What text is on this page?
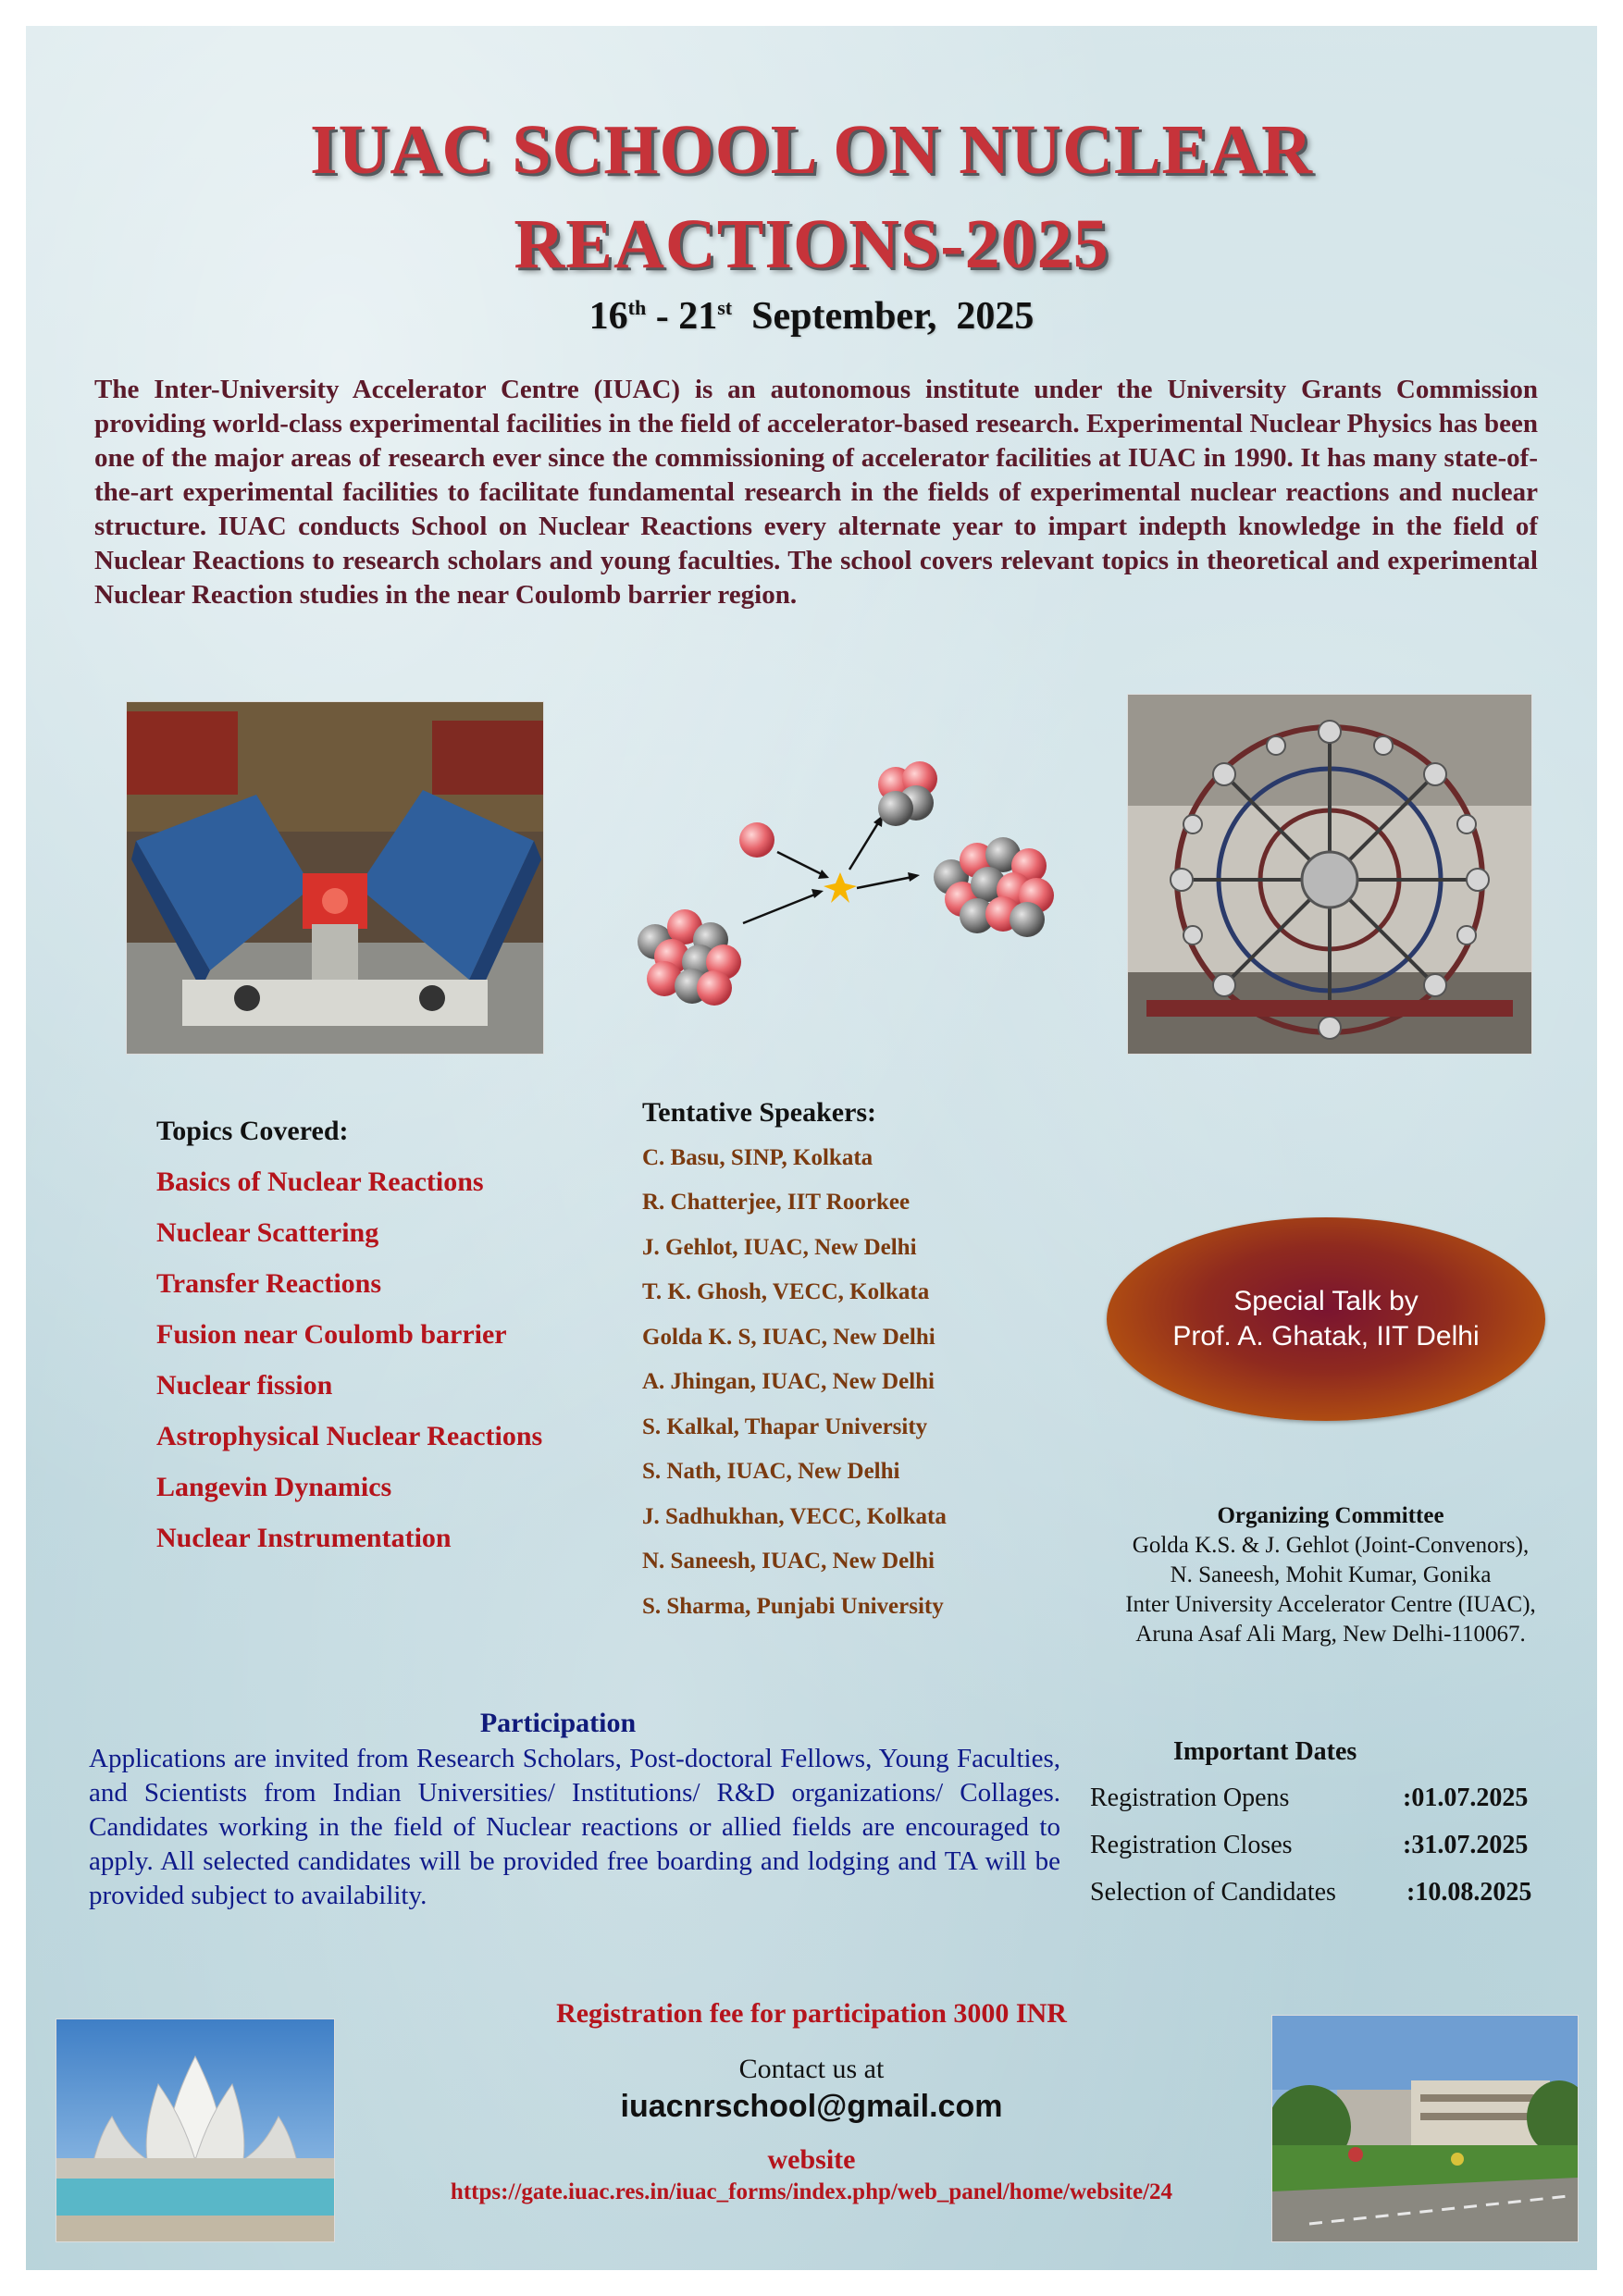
IUAC SCHOOL ON NUCLEAR
REACTIONS-2025
16th - 21st  September,  2025
The Inter-University Accelerator Centre (IUAC) is an autonomous institute under the University Grants Commission providing world-class experimental facilities in the field of accelerator-based research. Experimental Nuclear Physics has been one of the major areas of research ever since the commissioning of accelerator facilities at IUAC in 1990. It has many state-of-the-art experimental facilities to facilitate fundamental research in the fields of experimental nuclear reactions and nuclear structure. IUAC conducts School on Nuclear Reactions every alternate year to impart indepth knowledge in the field of Nuclear Reactions to research scholars and young faculties. The school covers relevant topics in theoretical and experimental Nuclear Reaction studies in the near Coulomb barrier region.
Topics Covered:
Basics of Nuclear Reactions
Nuclear Scattering
Transfer Reactions
Fusion near Coulomb barrier
Nuclear fission
Astrophysical Nuclear Reactions
Langevin Dynamics
Nuclear Instrumentation
Tentative Speakers:
C. Basu, SINP, Kolkata
R. Chatterjee, IIT Roorkee
J. Gehlot, IUAC, New Delhi
T. K. Ghosh, VECC, Kolkata
Golda K. S, IUAC, New Delhi
A. Jhingan, IUAC, New Delhi
S. Kalkal, Thapar University
S. Nath, IUAC, New Delhi
J. Sadhukhan, VECC, Kolkata
N. Saneesh, IUAC, New Delhi
S. Sharma, Punjabi University
Special Talk by
Prof. A. Ghatak, IIT Delhi
Organizing Committee
Golda K.S. & J. Gehlot (Joint-Convenors),
N. Saneesh, Mohit Kumar, Gonika
Inter University Accelerator Centre (IUAC),
Aruna Asaf Ali Marg, New Delhi-110067.
Participation
Applications are invited from Research Scholars, Post-doctoral Fellows, Young Faculties, and Scientists from Indian Universities/ Institutions/ R&D organizations/ Collages. Candidates working in the field of Nuclear reactions or allied fields are encouraged to apply. All selected candidates will be provided free boarding and lodging and TA will be provided subject to availability.
Important Dates
Registration Opens	:01.07.2025
Registration Closes	:31.07.2025
Selection of Candidates	:10.08.2025
Registration fee for participation 3000 INR
Contact us at
iuacnrschool@gmail.com
website
https://gate.iuac.res.in/iuac_forms/index.php/web_panel/home/website/24
